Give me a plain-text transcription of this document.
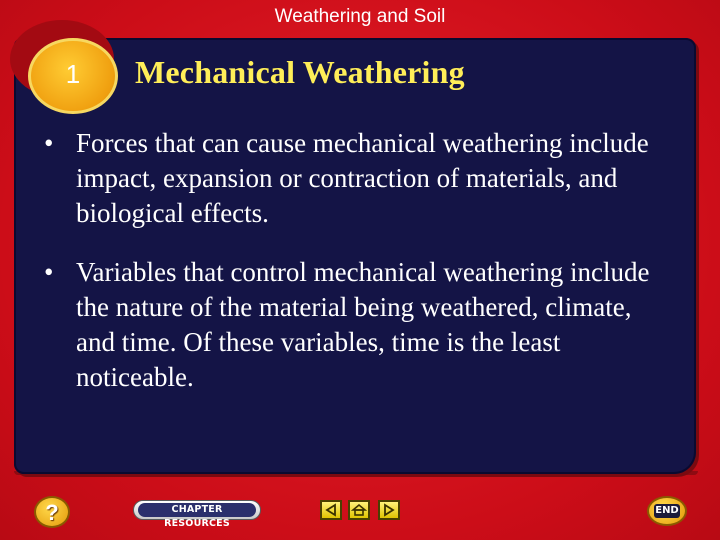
Weathering and Soil
1	Mechanical Weathering
• Forces that can cause mechanical weathering include impact, expansion or contraction of materials, and biological effects.
• Variables that control mechanical weathering include the nature of the material being weathered, climate, and time. Of these variables, time is the least noticeable.
?	CHAPTER RESOURCES
END
